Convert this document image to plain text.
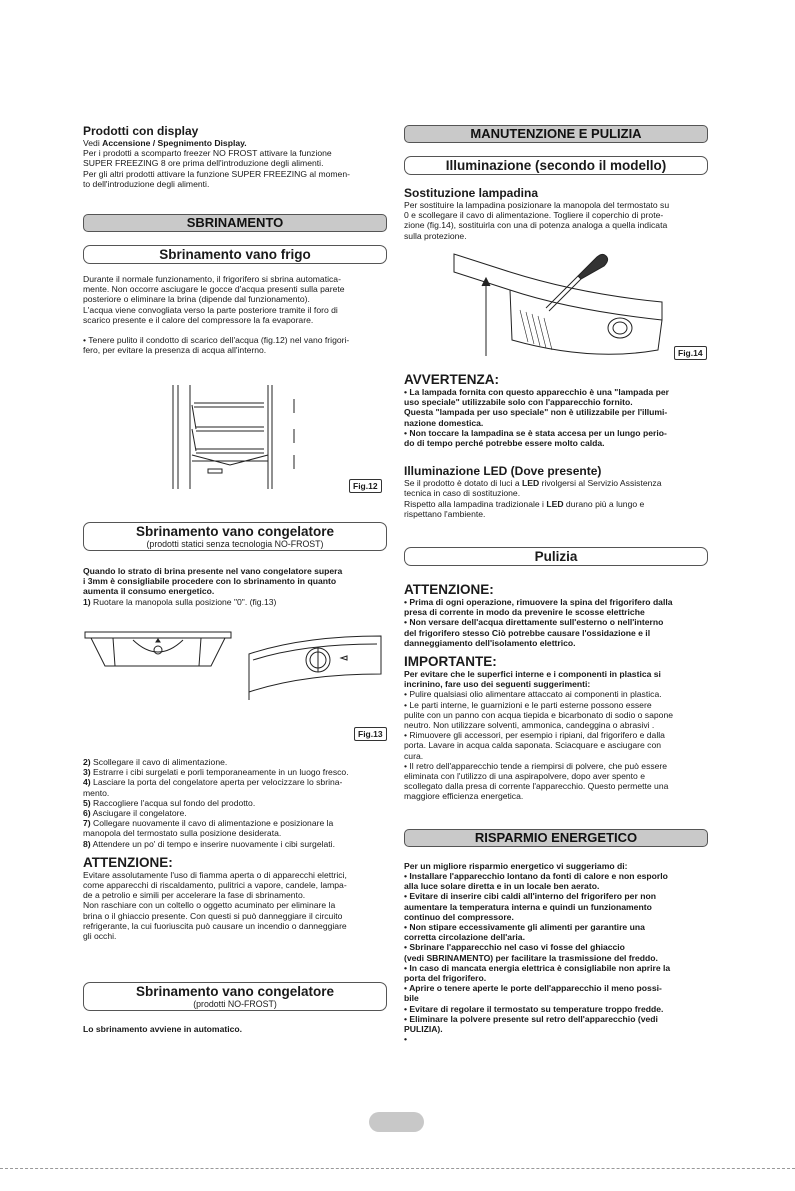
Prodotti con display

Vedi Accensione / Spegnimento Display.
Per i prodotti a scomparto freezer NO FROST attivare la funzione
SUPER FREEZING 8 ore prima dell'introduzione degli alimenti.
Per gli altri prodotti attivare la funzione SUPER FREEZING al momen-
to dell'introduzione degli alimenti.
SBRINAMENTO
Sbrinamento vano frigo
Durante il normale funzionamento, il frigorifero si sbrina automatica-
mente. Non occorre asciugare le gocce d'acqua presenti sulla parete
posteriore o eliminare la brina (dipende dal funzionamento).
L'acqua viene convogliata verso la parte posteriore tramite il foro di
scarico presente e il calore del compressore la fa evaporare.
• Tenere pulito il condotto di scarico dell'acqua (fig.12) nel vano frigori-
fero, per evitare la presenza di acqua all'interno.
Fig.12
Sbrinamento vano congelatore
(prodotti statici senza tecnologia NO-FROST)
Quando lo strato di brina presente nel vano congelatore supera
i 3mm è consigliabile procedere con lo sbrinamento in quanto
aumenta il consumo energetico.
1) Ruotare la manopola sulla posizione "0". (fig.13)
Fig.13
2) Scollegare il cavo di alimentazione.
3) Estrarre i cibi surgelati e porli temporaneamente in un luogo fresco.
4) Lasciare la porta del congelatore aperta per velocizzare lo sbrina-
mento.
5) Raccogliere l'acqua sul fondo del prodotto.
6) Asciugare il congelatore.
7) Collegare nuovamente il cavo di alimentazione e posizionare la
manopola del termostato sulla posizione desiderata.
8) Attendere un po' di tempo e inserire nuovamente i cibi surgelati.

ATTENZIONE:

Evitare assolutamente l'uso di fiamma aperta o di apparecchi elettrici,
come apparecchi di riscaldamento, pulitrici a vapore, candele, lampa-
de a petrolio e simili per accelerare la fase di sbrinamento.
Non raschiare con un coltello o oggetto acuminato per eliminare la
brina o il ghiaccio presente. Con questi si può danneggiare il circuito
refrigerante, la cui fuoriuscita può causare un incendio o danneggiare
gli occhi.
Sbrinamento vano congelatore
(prodotti NO-FROST)

Lo sbrinamento avviene in automatico.

MANUTENZIONE E PULIZIA
Illuminazione (secondo il modello)

Sostituzione lampadina

Per sostituire la lampadina posizionare la manopola del termostato su
0 e scollegare il cavo di alimentazione. Togliere il coperchio di prote-
zione (fig.14), sostituirla con una di potenza analoga a quella indicata
sulla protezione.
Fig.14

AVVERTENZA:

• La lampada fornita con questo apparecchio è una "lampada per
uso speciale" utilizzabile solo con l'apparecchio fornito.
Questa "lampada per uso speciale" non è utilizzabile per l'illumi-
nazione domestica.
• Non toccare la lampadina se è stata accesa per un lungo perio-
do di tempo perché potrebbe essere molto calda.

Illuminazione LED (Dove presente)

Se il prodotto è dotato di luci a LED rivolgersi al Servizio Assistenza
tecnica in caso di sostituzione.
Rispetto alla lampadina tradizionale i LED durano più a lungo e
rispettano l'ambiente.
Pulizia

ATTENZIONE:

• Prima di ogni operazione, rimuovere la spina del frigorifero dalla
presa di corrente in modo da prevenire le scosse elettriche
• Non versare dell'acqua direttamente sull'esterno o nell'interno
del frigorifero stesso Ciò potrebbe causare l'ossidazione e il
danneggiamento dell'isolamento elettrico.

IMPORTANTE:

Per evitare che le superfici interne e i componenti in plastica si
incrinino, fare uso dei seguenti suggerimenti:
• Pulire qualsiasi olio alimentare attaccato ai componenti in plastica.
• Le parti interne, le guarnizioni e le parti esterne possono essere
pulite con un panno con acqua tiepida e bicarbonato di sodio o sapone
neutro. Non utilizzare solventi, ammonica, candeggina o abrasivi .
• Rimuovere gli accessori, per esempio i ripiani, dal frigorifero e dalla
porta. Lavare in acqua calda saponata. Sciacquare e asciugare con
cura.
• Il retro dell'apparecchio tende a riempirsi di polvere, che può essere
eliminata con l'utilizzo di una aspirapolvere, dopo aver spento e
scollegato dalla presa di corrente l'apparecchio. Questo permette una
maggiore efficienza energetica.
RISPARMIO ENERGETICO
Per un migliore risparmio energetico vi suggeriamo di:
• Installare l'apparecchio lontano da fonti di calore e non esporlo
alla luce solare diretta e in un locale ben aerato.
• Evitare di inserire cibi caldi all'interno del frigorifero per non
aumentare la temperatura interna e quindi un funzionamento
continuo del compressore.
• Non stipare eccessivamente gli alimenti per garantire una
corretta circolazione dell'aria.
• Sbrinare l'apparecchio nel caso vi fosse del ghiaccio
(vedi SBRINAMENTO) per facilitare la trasmissione del freddo.
• In caso di mancata energia elettrica è consigliabile non aprire la
porta del frigorifero.
• Aprire o tenere aperte le porte dell'apparecchio il meno possi-
bile
• Evitare di regolare il termostato su temperature troppo fredde.
• Eliminare la polvere presente sul retro dell'apparecchio (vedi
PULIZIA).
•
